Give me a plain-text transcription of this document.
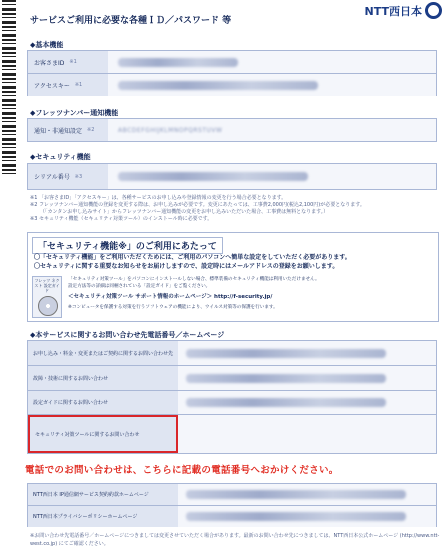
サービスご利用に必要な各種ＩＤ／パスワード 等
NTT西日本
◆基本機能
お客さまID ※1
アクセスキー ※1
◆フレッツナンバー通知機能
通知・非通知設定 ※2	ABCDEFGHIJKLMNOPQRSTUVW
◆セキュリティ機能
シリアル番号 ※3
※1 「お客さまID」「アクセスキー」は、各種サービスのお申し込みや登録情報の変更を行う場合必要となります。
※2 フレッツナンバー通知機能の登録を変更する際は、お申し込みが必要です。変更にあたっては、工事費2,000円(税込2,100円)が必要となります。
（「カンタンお申し込みサイト」からフレッツナンバー通知機能の変更をお申し込みいただいた場合、工事費は無料となります。）
※3 セキュリティ機能（セキュリティ対策ツール）のインストール時に必要です。
「セキュリティ機能※」のご利用にあたって
〇「セキュリティ機能」をご利用いただくためには、ご利用のパソコンへ簡単な設定をしていただく必要があります。
〇セキュリティに関する重要なお知らせをお届けしますので、設定時にはメールアドレスの登録をお願いします。
フレッツ ネクスト 設定ガイド
「セキュリティ対策ツール」をパソコンにインストールしない場合、標準装備のセキュリティ機能は利用いただけません。
設定方法等の詳細は同梱されている「設定ガイド」をご覧ください。
＜セキュリティ対策ツール サポート情報のホームページ＞ http://f-security.jp/
※コンピュータを保護する対策を行うソフトウェアの機能により、ウイルス対策等の保護を行います。
◆本サービスに関するお問い合わせ先電話番号／ホームページ
お申し込み・料金・変更またはご契約に関するお問い合わせ先
故障・技術に関するお問い合わせ
設定ガイドに関するお問い合わせ
セキュリティ対策ツールに関するお問い合わせ
電話でのお問い合わせは、こちらに記載の電話番号へおかけください。
NTT西日本 IP通信網サービス契約約款ホームページ
NTT西日本プライバシーポリシーホームページ
※お問い合わせ先電話番号／ホームページにつきましては変更させていただく場合があります。最新のお問い合わせ先につきましては、NTT西日本公式ホームページ (http://www.ntt-west.co.jp) にてご確認ください。
